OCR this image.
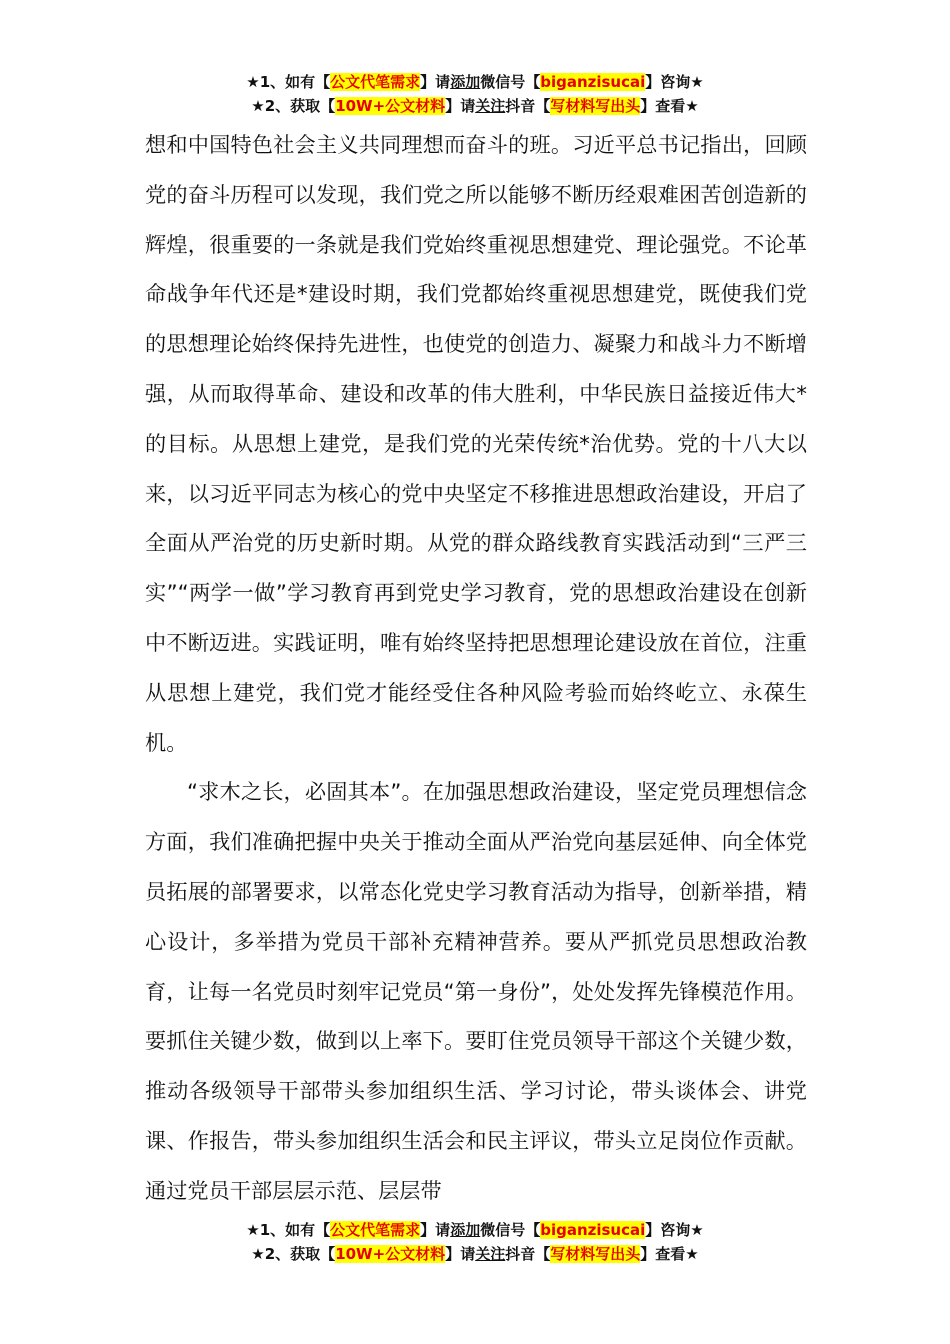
★1、如有【公文代笔需求】请添加微信号【biganzisucai】咨询★
★2、获取【10W+公文材料】请关注抖音【写材料写出头】查看★

想和中国特色社会主义共同理想而奋斗的班。习近平总书记指出，回顾党的奋斗历程可以发现，我们党之所以能够不断历经艰难困苦创造新的辉煌，很重要的一条就是我们党始终重视思想建党、理论强党。不论革命战争年代还是*建设时期，我们党都始终重视思想建党，既使我们党的思想理论始终保持先进性，也使党的创造力、凝聚力和战斗力不断增强，从而取得革命、建设和改革的伟大胜利，中华民族日益接近伟大*的目标。从思想上建党，是我们党的光荣传统*治优势。党的十八大以来，以习近平同志为核心的党中央坚定不移推进思想政治建设，开启了全面从严治党的历史新时期。从党的群众路线教育实践活动到“三严三实”“两学一做”学习教育再到党史学习教育，党的思想政治建设在创新中不断迈进。实践证明，唯有始终坚持把思想理论建设放在首位，注重从思想上建党，我们党才能经受住各种风险考验而始终屹立、永葆生机。

“求木之长，必固其本”。在加强思想政治建设，坚定党员理想信念方面，我们准确把握中央关于推动全面从严治党向基层延伸、向全体党员拓展的部署要求，以常态化党史学习教育活动为指导，创新举措，精心设计，多举措为党员干部补充精神营养。要从严抓党员思想政治教育，让每一名党员时刻牢记党员“第一身份”，处处发挥先锋模范作用。要抓住关键少数，做到以上率下。要盯住党员领导干部这个关键少数，推动各级领导干部带头参加组织生活、学习讨论，带头谈体会、讲党课、作报告，带头参加组织生活会和民主评议，带头立足岗位作贡献。通过党员干部层层示范、层层带

★1、如有【公文代笔需求】请添加微信号【biganzisucai】咨询★
★2、获取【10W+公文材料】请关注抖音【写材料写出头】查看★
